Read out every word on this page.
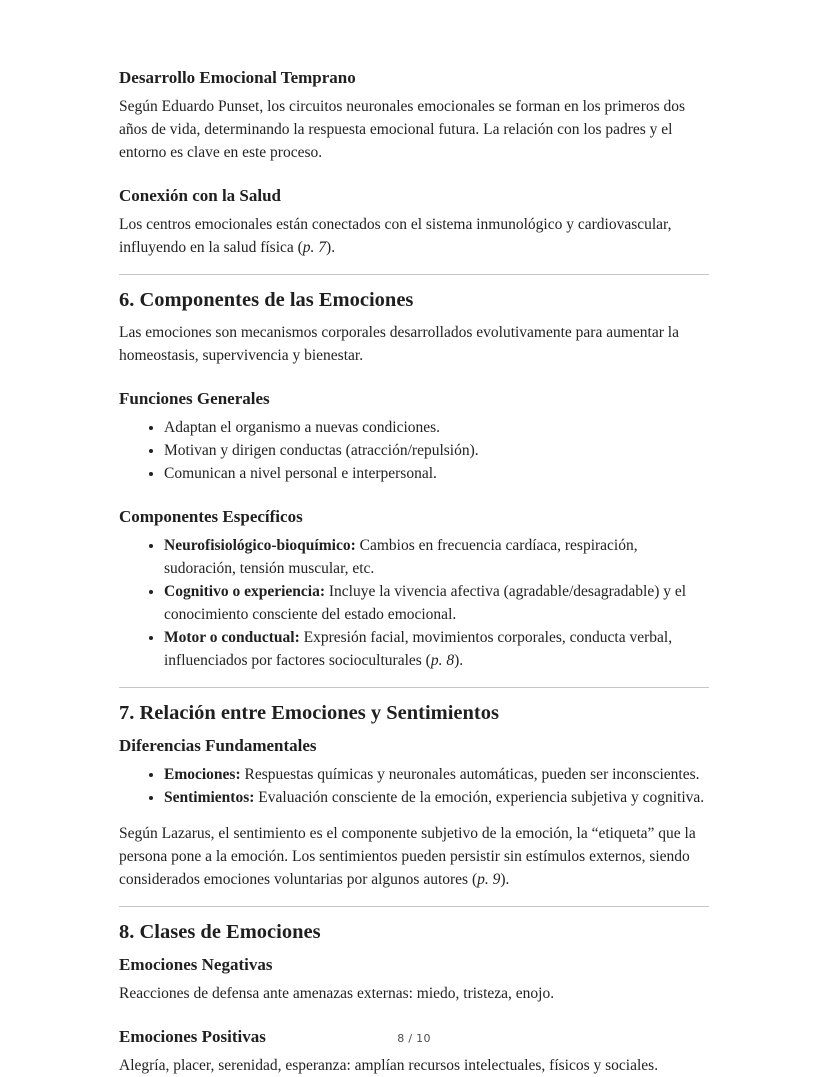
Desarrollo Emocional Temprano

Según Eduardo Punset, los circuitos neuronales emocionales se forman en los primeros dos años de vida, determinando la respuesta emocional futura. La relación con los padres y el entorno es clave en este proceso.

Conexión con la Salud

Los centros emocionales están conectados con el sistema inmunológico y cardiovascular, influyendo en la salud física (p. 7).

6. Componentes de las Emociones

Las emociones son mecanismos corporales desarrollados evolutivamente para aumentar la homeostasis, supervivencia y bienestar.

Funciones Generales
• Adaptan el organismo a nuevas condiciones.
• Motivan y dirigen conductas (atracción/repulsión).
• Comunican a nivel personal e interpersonal.
Componentes Específicos
• Neurofisiológico-bioquímico: Cambios en frecuencia cardíaca, respiración, sudoración, tensión muscular, etc.
• Cognitivo o experiencia: Incluye la vivencia afectiva (agradable/desagradable) y el conocimiento consciente del estado emocional.
• Motor o conductual: Expresión facial, movimientos corporales, conducta verbal, influenciados por factores socioculturales (p. 8).
7. Relación entre Emociones y Sentimientos
Diferencias Fundamentales
• Emociones: Respuestas químicas y neuronales automáticas, pueden ser inconscientes.
• Sentimientos: Evaluación consciente de la emoción, experiencia subjetiva y cognitiva.

Según Lazarus, el sentimiento es el componente subjetivo de la emoción, la “etiqueta” que la persona pone a la emoción. Los sentimientos pueden persistir sin estímulos externos, siendo considerados emociones voluntarias por algunos autores (p. 9).

8. Clases de Emociones
Emociones Negativas

Reacciones de defensa ante amenazas externas: miedo, tristeza, enojo.

Emociones Positivas

Alegría, placer, serenidad, esperanza: amplían recursos intelectuales, físicos y sociales.

8 / 10
